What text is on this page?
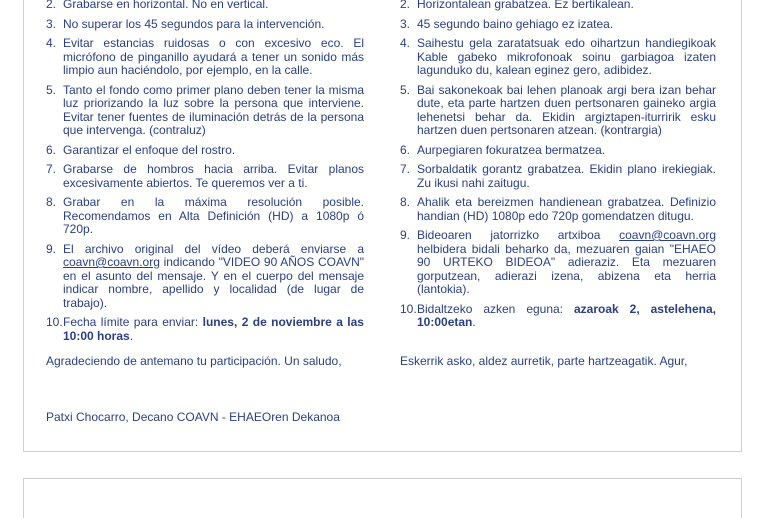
2. Grabarse en horizontal. No en vertical.
3. No superar los 45 segundos para la intervención.
4. Evitar estancias ruidosas o con excesivo eco. El micrófono de pinganillo ayudará a tener un sonido más limpio aun haciéndolo, por ejemplo, en la calle.
5. Tanto el fondo como primer plano deben tener la misma luz priorizando la luz sobre la persona que interviene. Evitar tener fuentes de iluminación detrás de la persona que intervenga. (contraluz)
6. Garantizar el enfoque del rostro.
7. Grabarse de hombros hacia arriba. Evitar planos excesivamente abiertos. Te queremos ver a ti.
8. Grabar en la máxima resolución posible. Recomendamos en Alta Definición (HD) a 1080p ó 720p.
9. El archivo original del vídeo deberá enviarse a coavn@coavn.org indicando "VIDEO 90 AÑOS COAVN" en el asunto del mensaje. Y en el cuerpo del mensaje indicar nombre, apellido y localidad (de lugar de trabajo).
10. Fecha límite para enviar: lunes, 2 de noviembre a las 10:00 horas.
2. Horizontalean grabatzea. Ez bertikalean.
3. 45 segundo baino gehiago ez izatea.
4. Saihestu gela zaratatsuak edo oihartzun handiegikoak Kable gabeko mikrofonoak soinu garbiagoa izaten lagunduko du, kalean eginez gero, adibidez.
5. Bai sakonekoak bai lehen planoak argi bera izan behar dute, eta parte hartzen duen pertsonaren gaineko argia lehenetsi behar da. Ekidin argiztapen-iturririk esku hartzen duen pertsonaren atzean. (kontrargia)
6. Aurpegiaren fokuratzea bermatzea.
7. Sorbaldatik gorantz grabatzea. Ekidin plano irekiegiak. Zu ikusi nahi zaitugu.
8. Ahalik eta bereizmen handienean grabatzea. Definizio handian (HD) 1080p edo 720p gomendatzen ditugu.
9. Bideoaren jatorrizko artxiboa coavn@coavn.org helbidera bidali beharko da, mezuaren gaian "EHAEO 90 URTEKO BIDEOA" adieraziz. Eta mezuaren gorputzean, adierazi izena, abizena eta herria (lantokia).
10. Bidaltzeko azken eguna: azaroak 2, astelehena, 10:00etan.
Agradeciendo de antemano tu participación. Un saludo,	Eskerrik asko, aldez aurretik, parte hartzeagatik. Agur,
Patxi Chocarro, Decano COAVN - EHAEOren Dekanoa
